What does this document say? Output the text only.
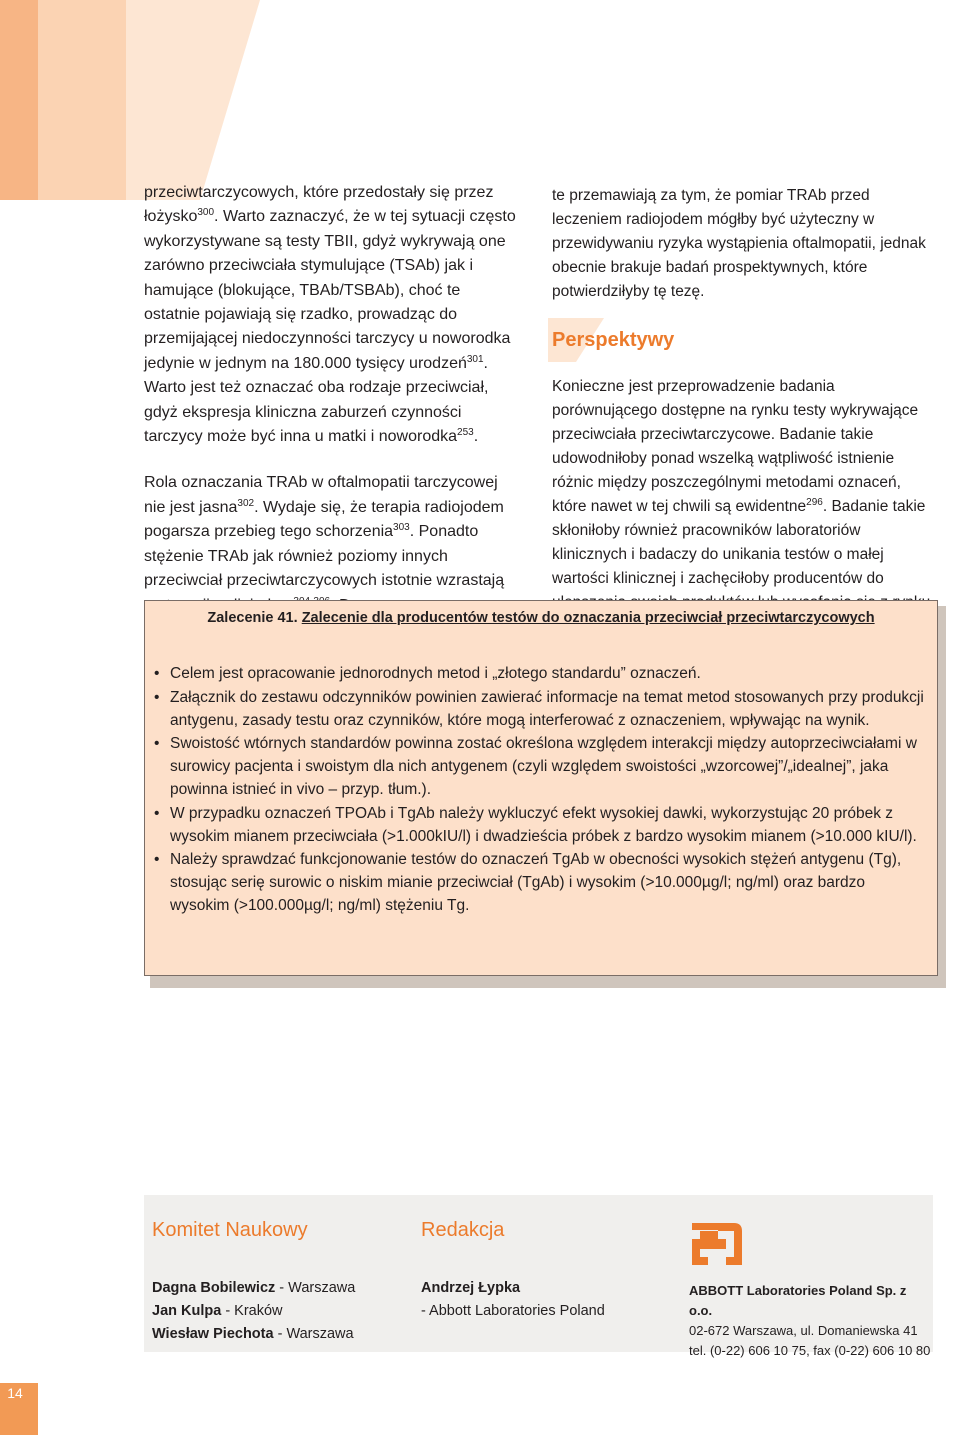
przeciwtarczycowych, które przedostały się przez łożysko$^{300}$. Warto zaznaczyć, że w tej sytuacji często wykorzystywane są testy TBII, gdyż wykrywają one zarówno przeciwciała stymulujące (TSAb) jak i hamujące (blokujące, TBAb/TSBAb), choć te ostatnie pojawiają się rzadko, prowadząc do przemijającej niedoczynności tarczycy u noworodka jedynie w jednym na 180.000 tysięcy urodzeń$^{301}$. Warto jest też oznaczać oba rodzaje przeciwciał, gdyż ekspresja kliniczna zaburzeń czynności tarczycy może być inna u matki i noworodka$^{253}$.

Rola oznaczania TRAb w oftalmopatii tarczycowej nie jest jasna$^{302}$. Wydaje się, że terapia radiojodem pogarsza przebieg tego schorzenia$^{303}$. Ponadto stężenie TRAb jak również poziomy innych przeciwciał przeciwtarczycowych istotnie wzrastają

te przemawiają za tym, że pomiar TRAb przed leczeniem radiojodem mógłby być użyteczny w przewidywaniu ryzyka wystąpienia oftalmopatii, jednak obecnie brakuje badań prospektywnych, które potwierdziłyby tę tezę.

Perspektywy

Konieczne jest przeprowadzenie badania porównującego dostępne na rynku testy wykrywające przeciwciała przeciwtarczycowe. Badanie takie udowodniłoby ponad wszelką wątpliwość istnienie różnic między poszczególnymi metodami oznaceń, które nawet w tej chwili są ewidentne$^{296}$. Badanie takie skłoniłoby również pracowników laboratoriów klinicznych i badaczy do unikania testów o małej wartości klinicznej i zachęciłoby producentów do

Zalecenie 41. Zalecenie dla producentów testów do oznaczania przeciwciał przeciwtarczycowych
• Celem jest opracowanie jednorodnych metod i „złotego standardu” oznaczeń.
• Załącznik do zestawu odczynników powinien zawierać informacje na temat metod stosowanych przy produkcji antygenu, zasady testu oraz czynników, które mogą interferować z oznaczeniem, wpływając na wynik.
• Swoistość wtórnych standardów powinna zostać określona względem interakcji między autoprzeciwciałami w surowicy pacjenta i swoistym dla nich antygenem (czyli względem swoistości „wzorcowej”/„idealnej”, jaka powinna istnieć in vivo – przyp. tłum.).
• W przypadku oznaczeń TPOAb i TgAb należy wykluczyć efekt wysokiej dawki, wykorzystując 20 próbek z wysokim mianem przeciwciała (>1.000kIU/l) i dwadzieścia próbek z bardzo wysokim mianem (>10.000 kIU/l).
• Należy sprawdzać funkcjonowanie testów do oznaczeń TgAb w obecności wysokich stężeń antygenu (Tg), stosując serię surowic o niskim mianie przeciwciał (TgAb) i wysokim (>10.000µg/l; ng/ml) oraz bardzo wysokim (>100.000µg/l; ng/ml) stężeniu Tg.
Komitet Naukowy
Dagna Bobilewicz - Warszawa
Jan Kulpa - Kraków
Wiesław Piechota - Warszawa
Redakcja
Andrzej Łypka
- Abbott Laboratories Poland
ABBOTT Laboratories Poland Sp. z o.o.
02-672 Warszawa, ul. Domaniewska 41
tel. (0-22) 606 10 75, fax (0-22) 606 10 80
14
